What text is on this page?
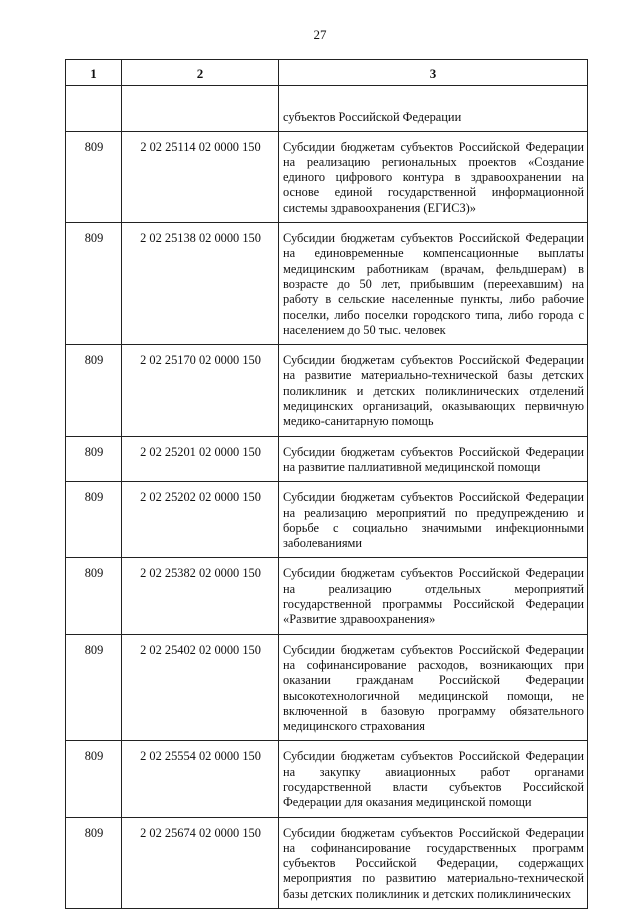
27
1	2	3
		субъектов Российской Федерации
809	2 02 25114 02 0000 150	Субсидии бюджетам субъектов Российской Федерации на реализацию региональных проектов «Создание единого цифрового контура в здравоохранении на основе единой государственной информационной системы здравоохранения (ЕГИСЗ)»
809	2 02 25138 02 0000 150	Субсидии бюджетам субъектов Российской Федерации на единовременные компенсационные выплаты медицинским работникам (врачам, фельдшерам) в возрасте до 50 лет, прибывшим (переехавшим) на работу в сельские населенные пункты, либо рабочие поселки, либо поселки городского типа, либо города с населением до 50 тыс. человек
809	2 02 25170 02 0000 150	Субсидии бюджетам субъектов Российской Федерации на развитие материально-технической базы детских поликлиник и детских поликлинических отделений медицинских организаций, оказывающих первичную медико-санитарную помощь
809	2 02 25201 02 0000 150	Субсидии бюджетам субъектов Российской Федерации на развитие паллиативной медицинской помощи
809	2 02 25202 02 0000 150	Субсидии бюджетам субъектов Российской Федерации на реализацию мероприятий по предупреждению и борьбе с социально значимыми инфекционными заболеваниями
809	2 02 25382 02 0000 150	Субсидии бюджетам субъектов Российской Федерации на реализацию отдельных мероприятий государственной программы Российской Федерации «Развитие здравоохранения»
809	2 02 25402 02 0000 150	Субсидии бюджетам субъектов Российской Федерации на софинансирование расходов, возникающих при оказании гражданам Российской Федерации высокотехнологичной медицинской помощи, не включенной в базовую программу обязательного медицинского страхования
809	2 02 25554 02 0000 150	Субсидии бюджетам субъектов Российской Федерации на закупку авиационных работ органами государственной власти субъектов Российской Федерации для оказания медицинской помощи
809	2 02 25674 02 0000 150	Субсидии бюджетам субъектов Российской Федерации на софинансирование государственных программ субъектов Российской Федерации, содержащих мероприятия по развитию материально-технической базы детских поликлиник и детских поликлинических
